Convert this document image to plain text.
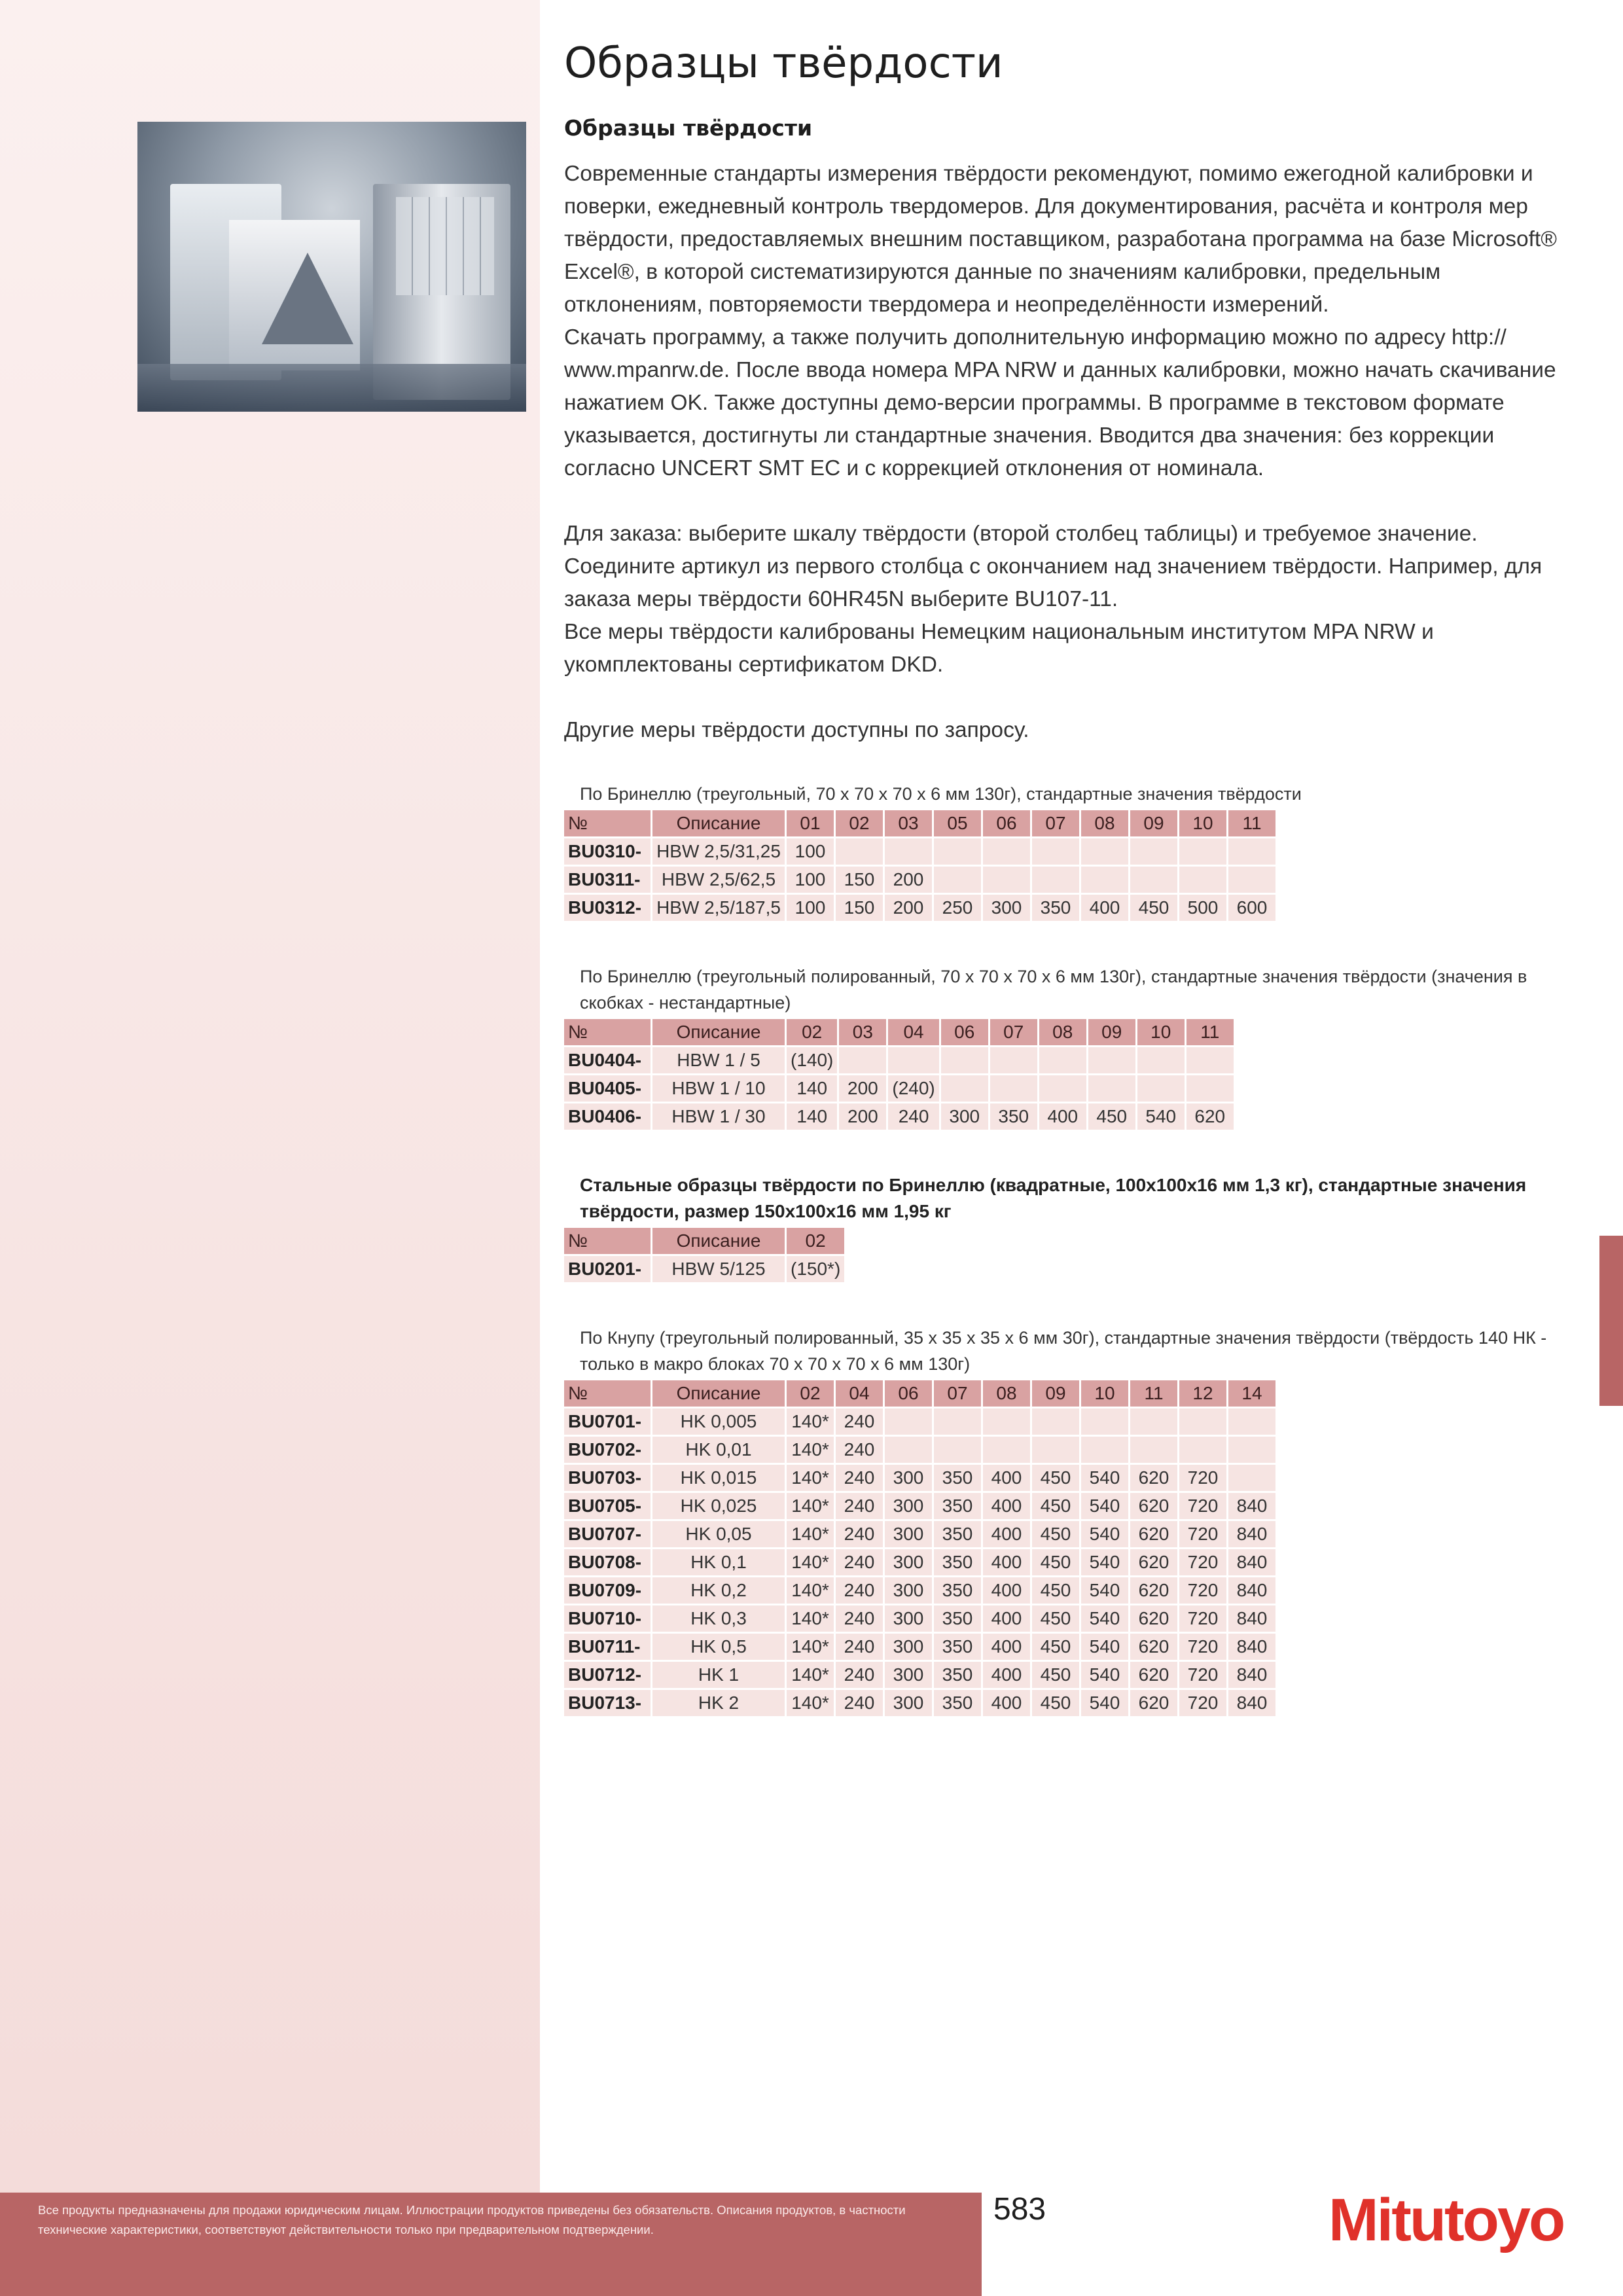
Образцы твёрдости
Образцы твёрдости

Современные стандарты измерения твёрдости рекомендуют, помимо ежегодной калибровки и поверки, ежедневный контроль твердомеров. Для документирования, расчёта и контроля мер твёрдости, предоставляемых внешним поставщиком, разработана программа на базе Microsoft® Excel®, в которой систематизируются данные по значениям калибровки, предельным отклонениям, повторяемости твердомера и неопределённости измерений.

Скачать программу, а также получить дополнительную информацию можно по адресу http:// www.mpanrw.de. После ввода номера MPA NRW и данных калибровки, можно начать скачивание нажатием OK. Также доступны демо-версии программы. В программе в текстовом формате указывается, достигнуты ли стандартные значения. Вводится два значения: без коррекции согласно UNCERT SMT EC и с коррекцией отклонения от номинала.

Для заказа: выберите шкалу твёрдости (второй столбец таблицы) и требуемое значение. Соедините артикул из первого столбца с окончанием над значением твёрдости. Например, для заказа меры твёрдости 60HR45N выберите BU107-11.

Все меры твёрдости калиброваны Немецким национальным институтом MPA NRW и укомплектованы сертификатом DKD.

Другие меры твёрдости доступны по запросу.

По Бринеллю (треугольный, 70 x 70 x 70 x 6 мм 130г), стандартные значения твёрдости
№	Описание	01	02	03	05	06	07	08	09	10	11
BU0310-	HBW 2,5/31,25	100									
BU0311-	HBW 2,5/62,5	100	150	200							
BU0312-	HBW 2,5/187,5	100	150	200	250	300	350	400	450	500	600
По Бринеллю (треугольный полированный, 70 x 70 x 70 x 6 мм 130г), стандартные значения твёрдости (значения в скобках - нестандартные)
№	Описание	02	03	04	06	07	08	09	10	11
BU0404-	HBW 1 / 5	(140)								
BU0405-	HBW 1 / 10	140	200	(240)						
BU0406-	HBW 1 / 30	140	200	240	300	350	400	450	540	620
Стальные образцы твёрдости по Бринеллю (квадратные, 100x100x16 мм 1,3 кг), стандартные значения твёрдости, размер 150x100x16 мм 1,95 кг
№	Описание	02
BU0201-	HBW 5/125	(150*)
По Кнупу (треугольный полированный, 35 x 35 x 35 x 6 мм 30г), стандартные значения твёрдости (твёрдость 140 НК - только в макро блоках 70 x 70 x 70 x 6 мм 130г)
№	Описание	02	04	06	07	08	09	10	11	12	14
BU0701-	HK 0,005	140*	240								
BU0702-	HK 0,01	140*	240								
BU0703-	HK 0,015	140*	240	300	350	400	450	540	620	720	
BU0705-	HK 0,025	140*	240	300	350	400	450	540	620	720	840
BU0707-	HK 0,05	140*	240	300	350	400	450	540	620	720	840
BU0708-	HK 0,1	140*	240	300	350	400	450	540	620	720	840
BU0709-	HK 0,2	140*	240	300	350	400	450	540	620	720	840
BU0710-	HK 0,3	140*	240	300	350	400	450	540	620	720	840
BU0711-	HK 0,5	140*	240	300	350	400	450	540	620	720	840
BU0712-	HK 1	140*	240	300	350	400	450	540	620	720	840
BU0713-	HK 2	140*	240	300	350	400	450	540	620	720	840
Все продукты предназначены для продажи юридическим лицам. Иллюстрации продуктов приведены без обязательств. Описания продуктов, в частности технические характеристики, соответствуют действительности только при предварительном подтверждении.
583	Mitutoyo
